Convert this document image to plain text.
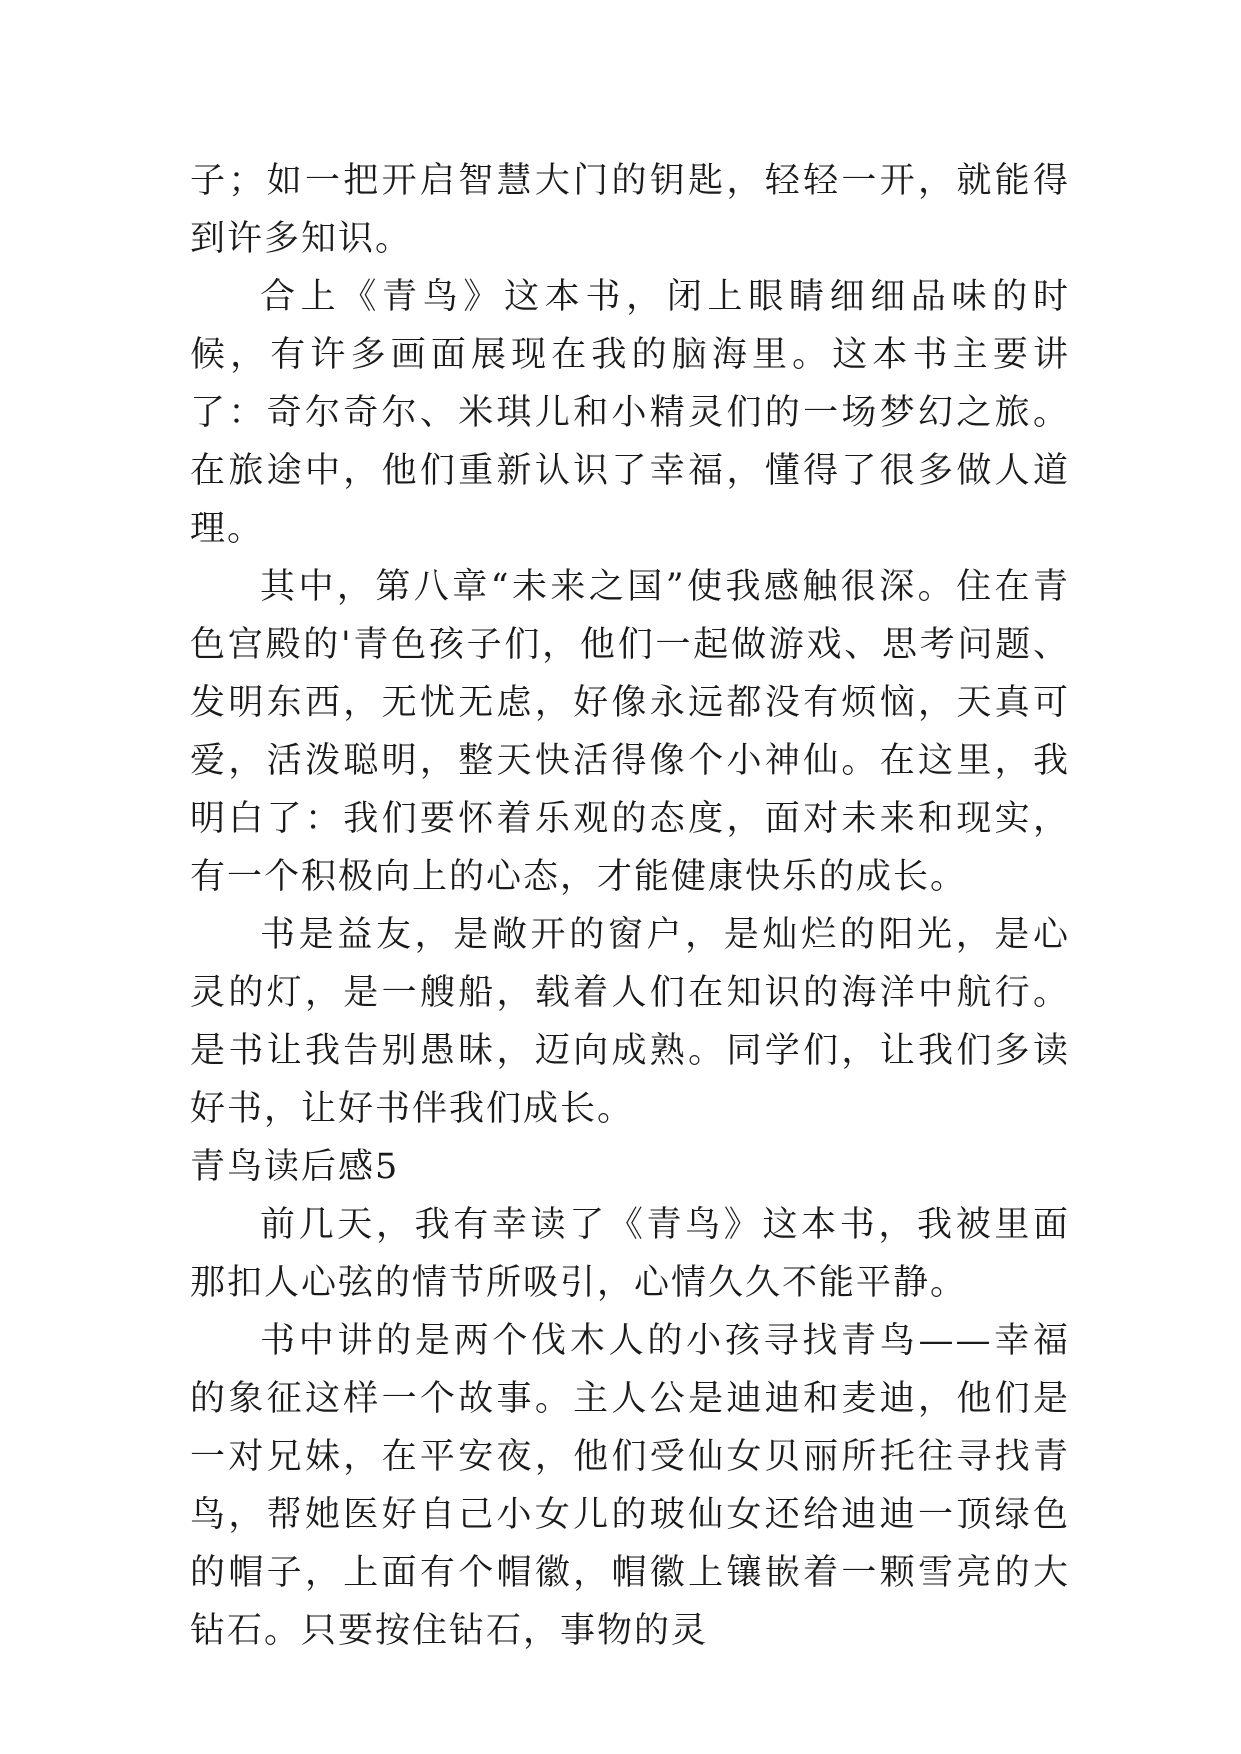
子；如一把开启智慧大门的钥匙，轻轻一开，就能得到许多知识。

合上《青鸟》这本书，闭上眼睛细细品味的时候，有许多画面展现在我的脑海里。这本书主要讲了：奇尔奇尔、米琪儿和小精灵们的一场梦幻之旅。在旅途中，他们重新认识了幸福，懂得了很多做人道理。

其中，第八章“未来之国”使我感触很深。住在青色宫殿的'青色孩子们，他们一起做游戏、思考问题、发明东西，无忧无虑，好像永远都没有烦恼，天真可爱，活泼聪明，整天快活得像个小神仙。在这里，我明白了：我们要怀着乐观的态度，面对未来和现实，有一个积极向上的心态，才能健康快乐的成长。

书是益友，是敞开的窗户，是灿烂的阳光，是心灵的灯，是一艘船，载着人们在知识的海洋中航行。是书让我告别愚昧，迈向成熟。同学们，让我们多读好书，让好书伴我们成长。

青鸟读后感5

前几天，我有幸读了《青鸟》这本书，我被里面那扣人心弦的情节所吸引，心情久久不能平静。

书中讲的是两个伐木人的小孩寻找青鸟——幸福的象征这样一个故事。主人公是迪迪和麦迪，他们是一对兄妹，在平安夜，他们受仙女贝丽所托往寻找青鸟，帮她医好自己小女儿的玻仙女还给迪迪一顶绿色的帽子，上面有个帽徽，帽徽上镶嵌着一颗雪亮的大钻石。只要按住钻石，事物的灵
